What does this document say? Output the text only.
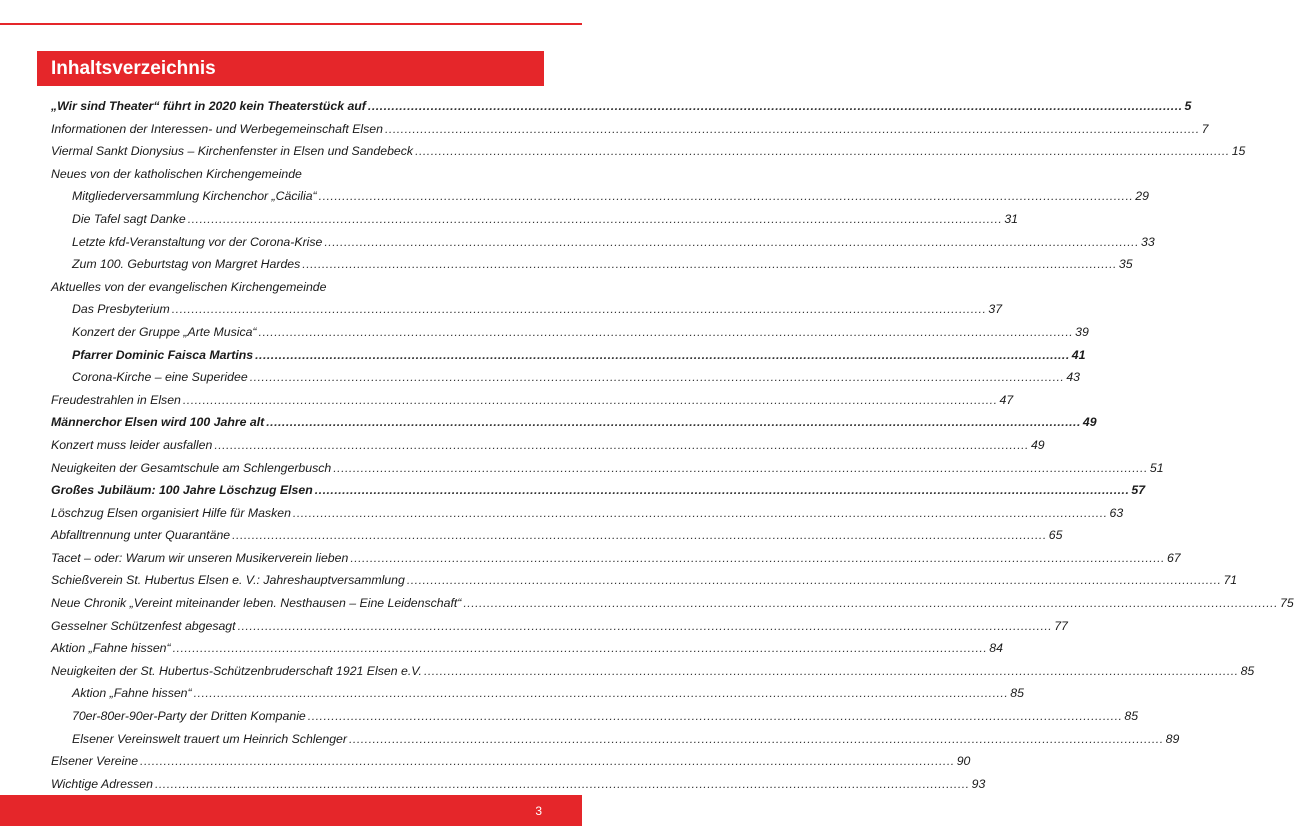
Inhaltsverzeichnis
„Wir sind Theater“ führt in 2020 kein Theaterstück auf .....	5
Informationen der Interessen- und Werbegemeinschaft Elsen .....	7
Viermal Sankt Dionysius – Kirchenfenster in Elsen und Sandebeck .....	15
Neues von der katholischen Kirchengemeinde
Mitgliederversammlung Kirchenchor „Cäcilia“ .....	29
Die Tafel sagt Danke .....	31
Letzte kfd-Veranstaltung vor der Corona-Krise .....	33
Zum 100. Geburtstag von Margret Hardes .....	35
Aktuelles von der evangelischen Kirchengemeinde
Das Presbyterium .....	37
Konzert der Gruppe „Arte Musica“ .....	39
Pfarrer Dominic Faisca Martins .....	41
Corona-Kirche – eine Superidee .....	43
Freudestrahlen in Elsen .....	47
Männerchor Elsen wird 100 Jahre alt .....	49
Konzert muss leider ausfallen .....	49
Neuigkeiten der Gesamtschule am Schlengerbusch .....	51
Großes Jubiläum: 100 Jahre Löschzug Elsen .....	57
Löschzug Elsen organisiert Hilfe für Masken .....	63
Abfalltrennung unter Quarantäne .....	65
Tacet – oder: Warum wir unseren Musikerverein lieben .....	67
Schießverein St. Hubertus Elsen e. V.: Jahreshauptversammlung .....	71
Neue Chronik „Vereint miteinander leben. Nesthausen – Eine Leidenschaft“ .....	75
Gesselner Schützenfest abgesagt .....	77
Aktion „Fahne hissen“ .....	84
Neuigkeiten der St. Hubertus-Schützenbruderschaft 1921 Elsen e.V. .....	85
Aktion „Fahne hissen“ .....	85
70er-80er-90er-Party der Dritten Kompanie .....	85
Elsener Vereinswelt trauert um Heinrich Schlenger .....	89
Elsener Vereine .....	90
Wichtige Adressen .....	93
3
